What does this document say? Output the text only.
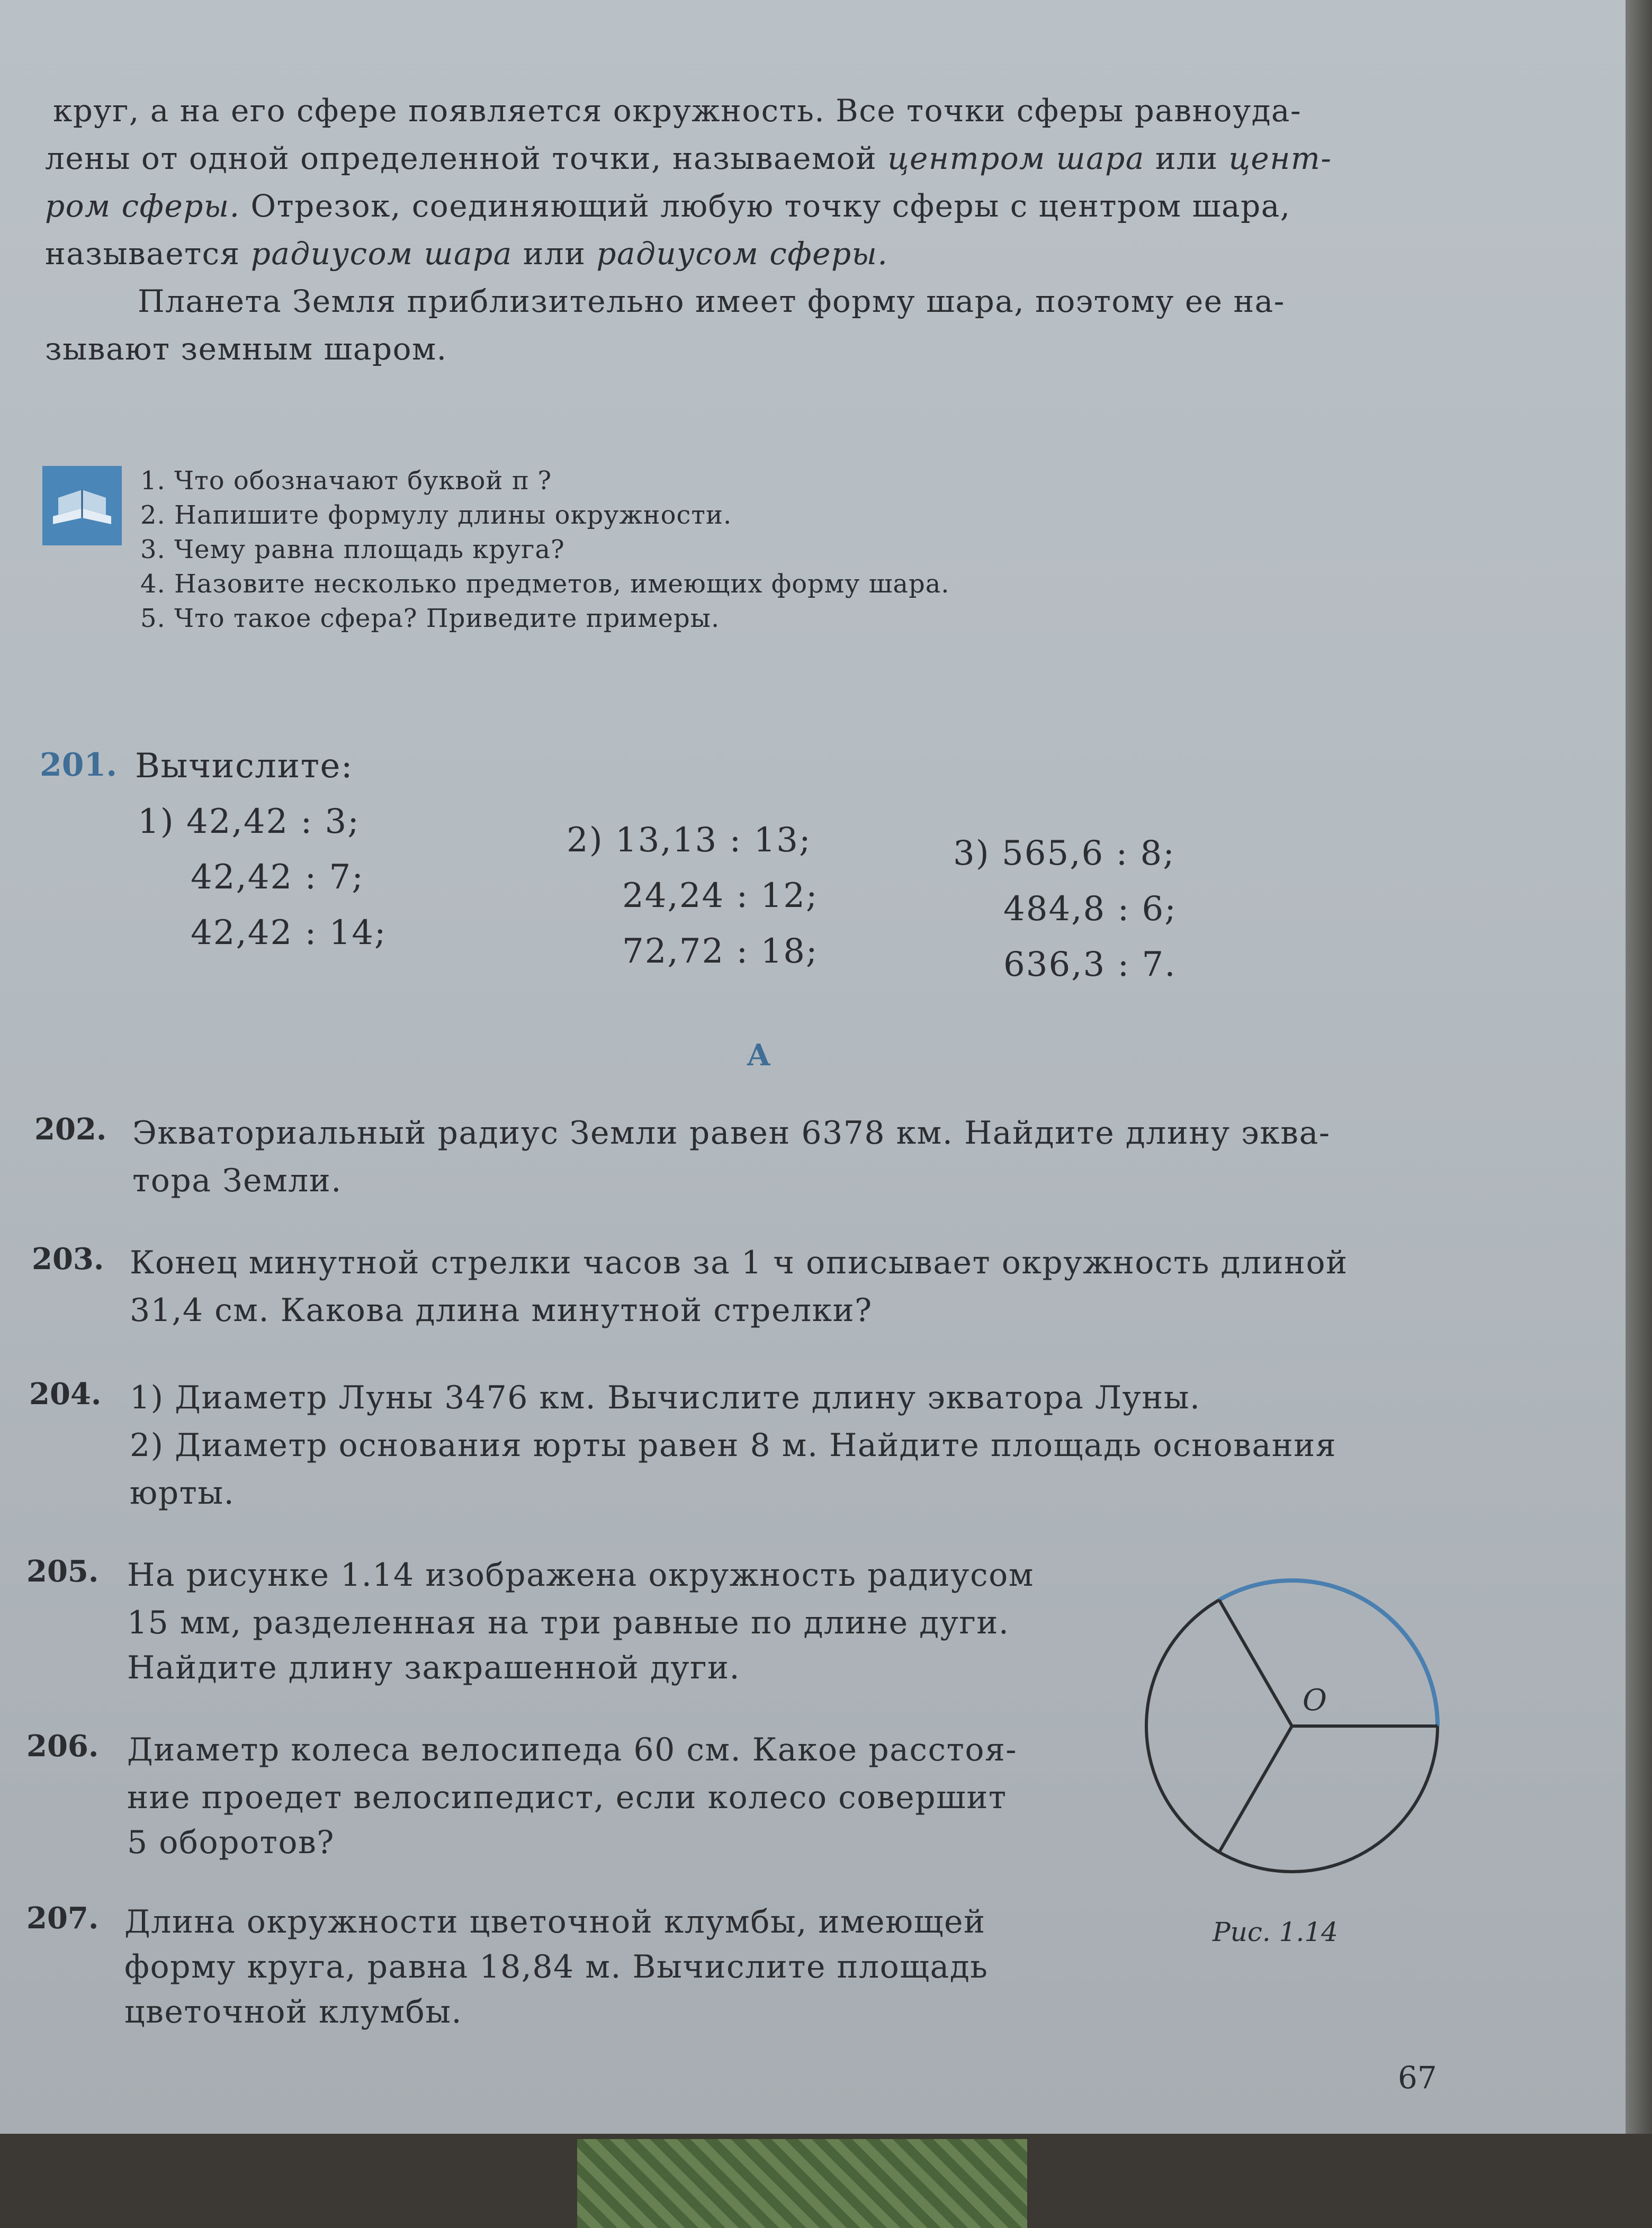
круг, а на его сфере появляется окружность. Все точки сферы равноуда-
лены от одной определенной точки, называемой центром шара или цент-
ром сферы. Отрезок, соединяющий любую точку сферы с центром шара,
называется радиусом шара или радиусом сферы.
Планета Земля приблизительно имеет форму шара, поэтому ее на-
зывают земным шаром.
1. Что обозначают буквой π ?
2. Напишите формулу длины окружности.
3. Чему равна площадь круга?
4. Назовите несколько предметов, имеющих форму шара.
5. Что такое сфера? Приведите примеры.
201. Вычислите:
1) 42,42 : 3;
42,42 : 7;
42,42 : 14;
2) 13,13 : 13;
24,24 : 12;
72,72 : 18;
3) 565,6 : 8;
484,8 : 6;
636,3 : 7.
А
202. Экваториальный радиус Земли равен 6378 км. Найдите длину эква-
тора Земли.
203. Конец минутной стрелки часов за 1 ч описывает окружность длиной
31,4 см. Какова длина минутной стрелки?
204. 1) Диаметр Луны 3476 км. Вычислите длину экватора Луны.
2) Диаметр основания юрты равен 8 м. Найдите площадь основания
юрты.
205. На рисунке 1.14 изображена окружность радиусом
15 мм, разделенная на три равные по длине дуги.
Найдите длину закрашенной дуги.
206. Диаметр колеса велосипеда 60 см. Какое расстоя-
ние проедет велосипедист, если колесо совершит
5 оборотов?
207. Длина окружности цветочной клумбы, имеющей
форму круга, равна 18,84 м. Вычислите площадь
цветочной клумбы.
O
Рис. 1.14
67
